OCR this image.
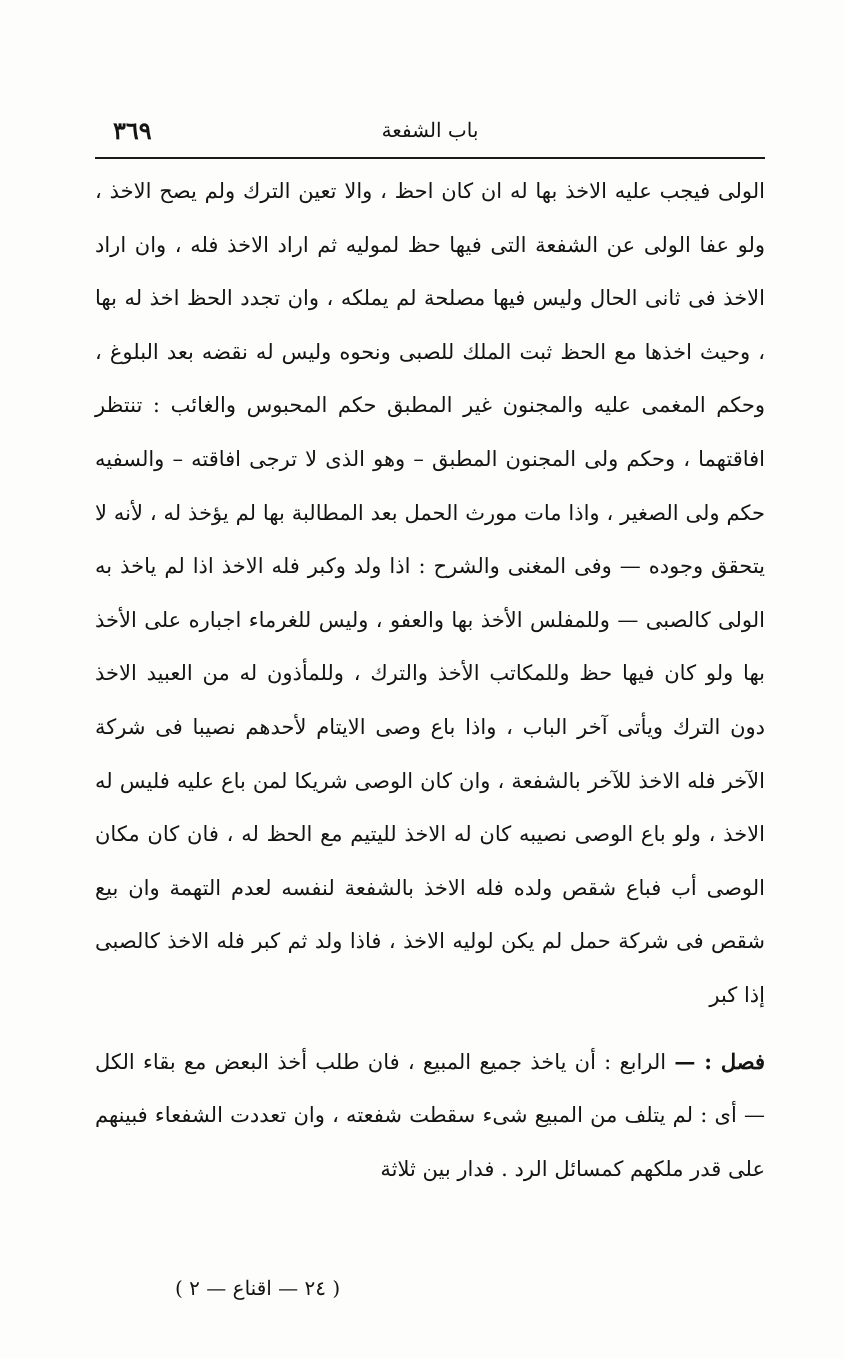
باب الشفعة
٣٦٩

الولى فيجب عليه الاخذ بها له ان كان احظ ، والا تعين الترك ولم يصح الاخذ ، ولو عفا الولى عن الشفعة التى فيها حظ لموليه ثم اراد الاخذ فله ، وان اراد الاخذ فى ثانى الحال وليس فيها مصلحة لم يملكه ، وان تجدد الحظ اخذ له بها ، وحيث اخذها مع الحظ ثبت الملك للصبى ونحوه وليس له نقضه بعد البلوغ ، وحكم المغمى عليه والمجنون غير المطبق حكم المحبوس والغائب : تنتظر افاقتهما ، وحكم ولى المجنون المطبق – وهو الذى لا ترجى افاقته – والسفيه حكم ولى الصغير ، واذا مات مورث الحمل بعد المطالبة بها لم يؤخذ له ، لأنه لا يتحقق وجوده — وفى المغنى والشرح : اذا ولد وكبر فله الاخذ اذا لم ياخذ به الولى كالصبى — وللمفلس الأخذ بها والعفو ، وليس للغرماء اجباره على الأخذ بها ولو كان فيها حظ وللمكاتب الأخذ والترك ، وللمأذون له من العبيد الاخذ دون الترك ويأتى آخر الباب ، واذا باع وصى الايتام لأحدهم نصيبا فى شركة الآخر فله الاخذ للآخر بالشفعة ، وان كان الوصى شريكا لمن باع عليه فليس له الاخذ ، ولو باع الوصى نصيبه كان له الاخذ لليتيم مع الحظ له ، فان كان مكان الوصى أب فباع شقص ولده فله الاخذ بالشفعة لنفسه لعدم التهمة وان بيع شقص فى شركة حمل لم يكن لوليه الاخذ ، فاذا ولد ثم كبر فله الاخذ كالصبى إذا كبر

فصل : — الرابع : أن ياخذ جميع المبيع ، فان طلب أخذ البعض مع بقاء الكل — أى : لم يتلف من المبيع شىء سقطت شفعته ، وان تعددت الشفعاء فبينهم على قدر ملكهم كمسائل الرد . فدار بين ثلاثة

( ٢٤ — اقناع — ٢ )
